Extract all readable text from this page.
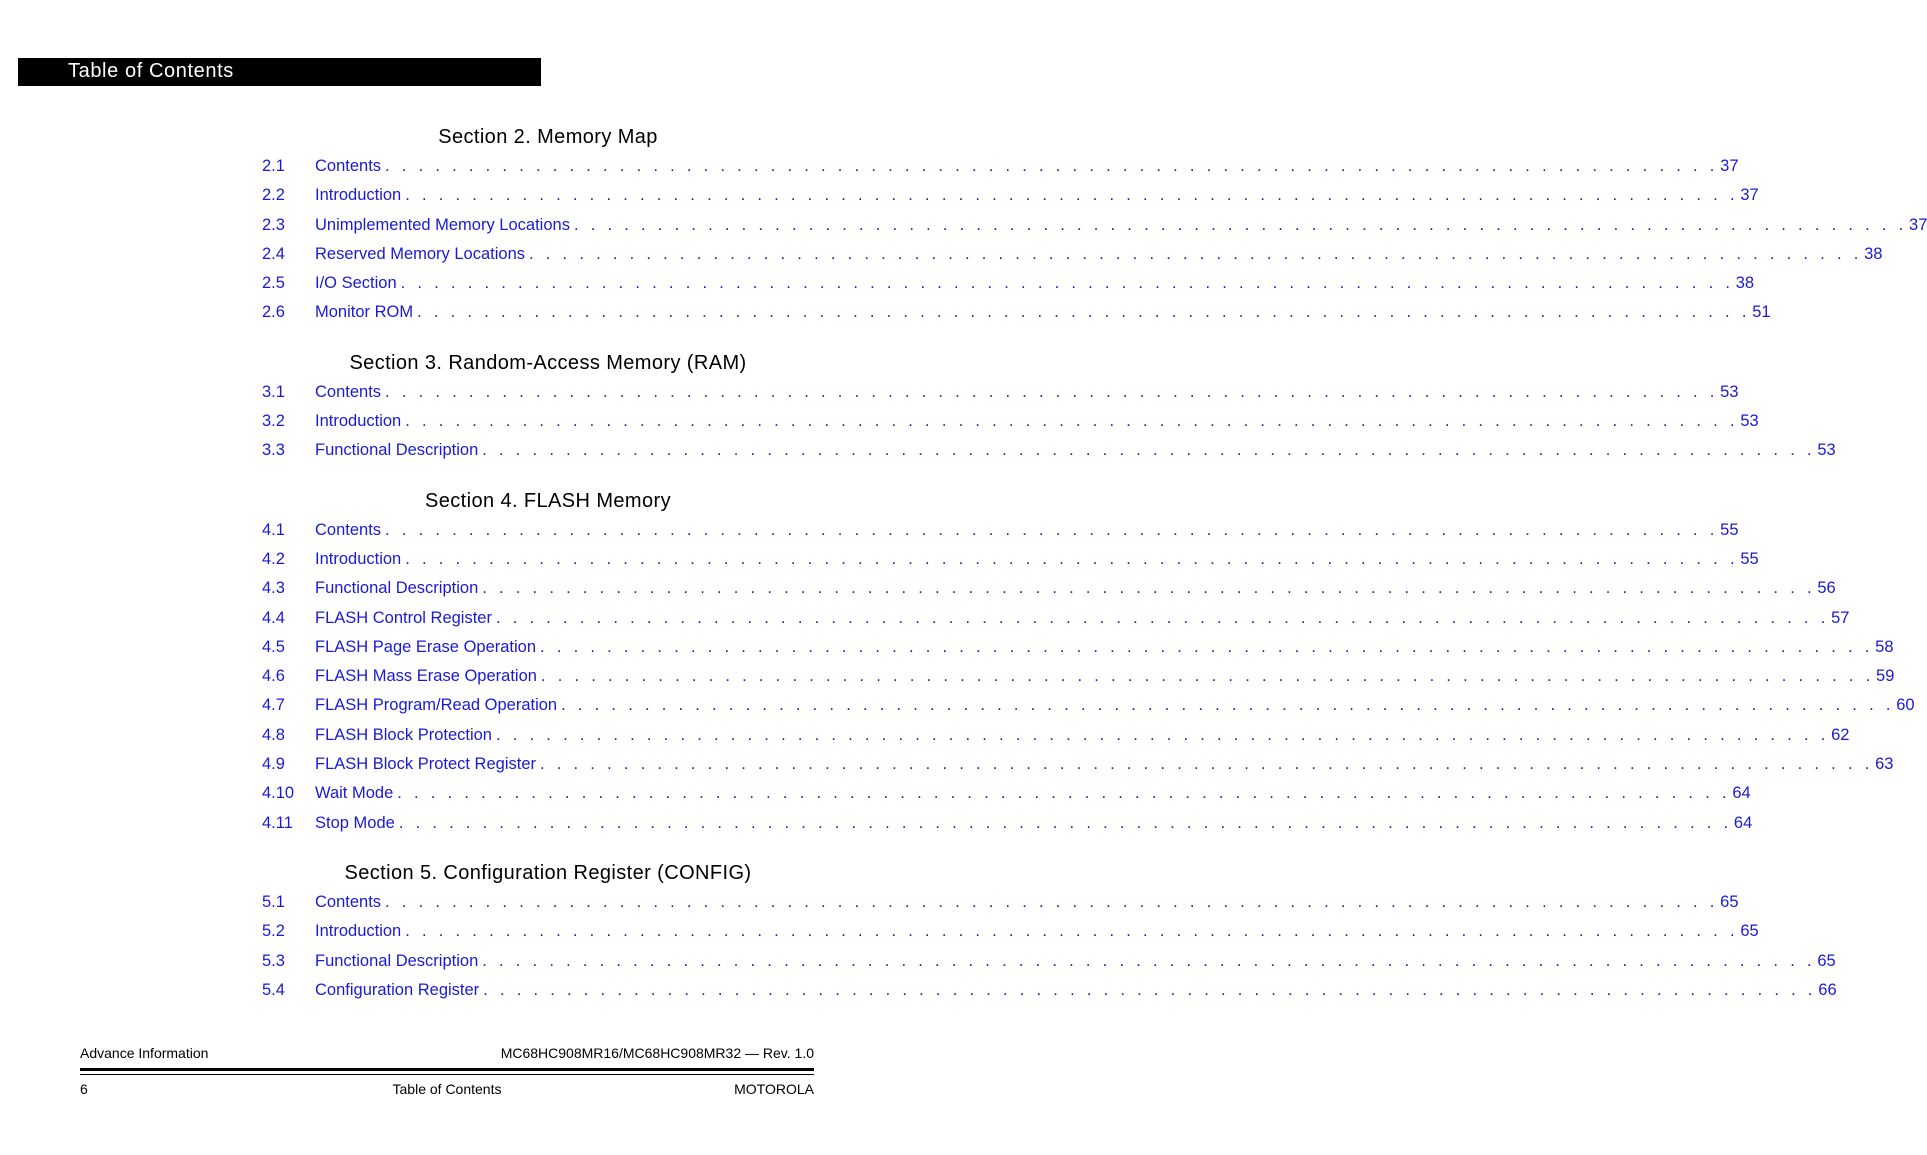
Table of Contents
Section 2. Memory Map
2.1	Contents . . . . . . . . . . . . . . . . . . . . . . . . . . . . . . . . . . . . . . . . . . . . . . . . . . . . . . . . . . . . . . . . . . . . . . . . . . . . . . . . 37
2.2	Introduction . . . . . . . . . . . . . . . . . . . . . . . . . . . . . . . . . . . . . . . . . . . . . . . . . . . . . . . . . . . . . . . . . . . . . . . . . . . . . . . . 37
2.3	Unimplemented Memory Locations . . . . . . . . . . . . . . . . . . . . . . . . . . . . . . . . . . . . . . . . . . . . . . . . . . . . . . . . . . . . . . . . . . . . . . . . . . . . . . . . 37
2.4	Reserved Memory Locations . . . . . . . . . . . . . . . . . . . . . . . . . . . . . . . . . . . . . . . . . . . . . . . . . . . . . . . . . . . . . . . . . . . . . . . . . . . . . . . . 38
2.5	I/O Section . . . . . . . . . . . . . . . . . . . . . . . . . . . . . . . . . . . . . . . . . . . . . . . . . . . . . . . . . . . . . . . . . . . . . . . . . . . . . . . . 38
2.6	Monitor ROM . . . . . . . . . . . . . . . . . . . . . . . . . . . . . . . . . . . . . . . . . . . . . . . . . . . . . . . . . . . . . . . . . . . . . . . . . . . . . . . . 51
Section 3. Random-Access Memory (RAM)
3.1	Contents . . . . . . . . . . . . . . . . . . . . . . . . . . . . . . . . . . . . . . . . . . . . . . . . . . . . . . . . . . . . . . . . . . . . . . . . . . . . . . . . 53
3.2	Introduction . . . . . . . . . . . . . . . . . . . . . . . . . . . . . . . . . . . . . . . . . . . . . . . . . . . . . . . . . . . . . . . . . . . . . . . . . . . . . . . . 53
3.3	Functional Description . . . . . . . . . . . . . . . . . . . . . . . . . . . . . . . . . . . . . . . . . . . . . . . . . . . . . . . . . . . . . . . . . . . . . . . . . . . . . . . . 53
Section 4. FLASH Memory
4.1	Contents . . . . . . . . . . . . . . . . . . . . . . . . . . . . . . . . . . . . . . . . . . . . . . . . . . . . . . . . . . . . . . . . . . . . . . . . . . . . . . . . 55
4.2	Introduction . . . . . . . . . . . . . . . . . . . . . . . . . . . . . . . . . . . . . . . . . . . . . . . . . . . . . . . . . . . . . . . . . . . . . . . . . . . . . . . . 55
4.3	Functional Description . . . . . . . . . . . . . . . . . . . . . . . . . . . . . . . . . . . . . . . . . . . . . . . . . . . . . . . . . . . . . . . . . . . . . . . . . . . . . . . . 56
4.4	FLASH Control Register . . . . . . . . . . . . . . . . . . . . . . . . . . . . . . . . . . . . . . . . . . . . . . . . . . . . . . . . . . . . . . . . . . . . . . . . . . . . . . . . 57
4.5	FLASH Page Erase Operation . . . . . . . . . . . . . . . . . . . . . . . . . . . . . . . . . . . . . . . . . . . . . . . . . . . . . . . . . . . . . . . . . . . . . . . . . . . . . . . . 58
4.6	FLASH Mass Erase Operation . . . . . . . . . . . . . . . . . . . . . . . . . . . . . . . . . . . . . . . . . . . . . . . . . . . . . . . . . . . . . . . . . . . . . . . . . . . . . . . . 59
4.7	FLASH Program/Read Operation . . . . . . . . . . . . . . . . . . . . . . . . . . . . . . . . . . . . . . . . . . . . . . . . . . . . . . . . . . . . . . . . . . . . . . . . . . . . . . . . 60
4.8	FLASH Block Protection . . . . . . . . . . . . . . . . . . . . . . . . . . . . . . . . . . . . . . . . . . . . . . . . . . . . . . . . . . . . . . . . . . . . . . . . . . . . . . . . 62
4.9	FLASH Block Protect Register . . . . . . . . . . . . . . . . . . . . . . . . . . . . . . . . . . . . . . . . . . . . . . . . . . . . . . . . . . . . . . . . . . . . . . . . . . . . . . . . 63
4.10	Wait Mode . . . . . . . . . . . . . . . . . . . . . . . . . . . . . . . . . . . . . . . . . . . . . . . . . . . . . . . . . . . . . . . . . . . . . . . . . . . . . . . . 64
4.11	Stop Mode . . . . . . . . . . . . . . . . . . . . . . . . . . . . . . . . . . . . . . . . . . . . . . . . . . . . . . . . . . . . . . . . . . . . . . . . . . . . . . . . 64
Section 5. Configuration Register (CONFIG)
5.1	Contents . . . . . . . . . . . . . . . . . . . . . . . . . . . . . . . . . . . . . . . . . . . . . . . . . . . . . . . . . . . . . . . . . . . . . . . . . . . . . . . . 65
5.2	Introduction . . . . . . . . . . . . . . . . . . . . . . . . . . . . . . . . . . . . . . . . . . . . . . . . . . . . . . . . . . . . . . . . . . . . . . . . . . . . . . . . 65
5.3	Functional Description . . . . . . . . . . . . . . . . . . . . . . . . . . . . . . . . . . . . . . . . . . . . . . . . . . . . . . . . . . . . . . . . . . . . . . . . . . . . . . . . 65
5.4	Configuration Register . . . . . . . . . . . . . . . . . . . . . . . . . . . . . . . . . . . . . . . . . . . . . . . . . . . . . . . . . . . . . . . . . . . . . . . . . . . . . . . . 66
Advance Information	MC68HC908MR16/MC68HC908MR32 — Rev. 1.0
6	Table of Contents	MOTOROLA
